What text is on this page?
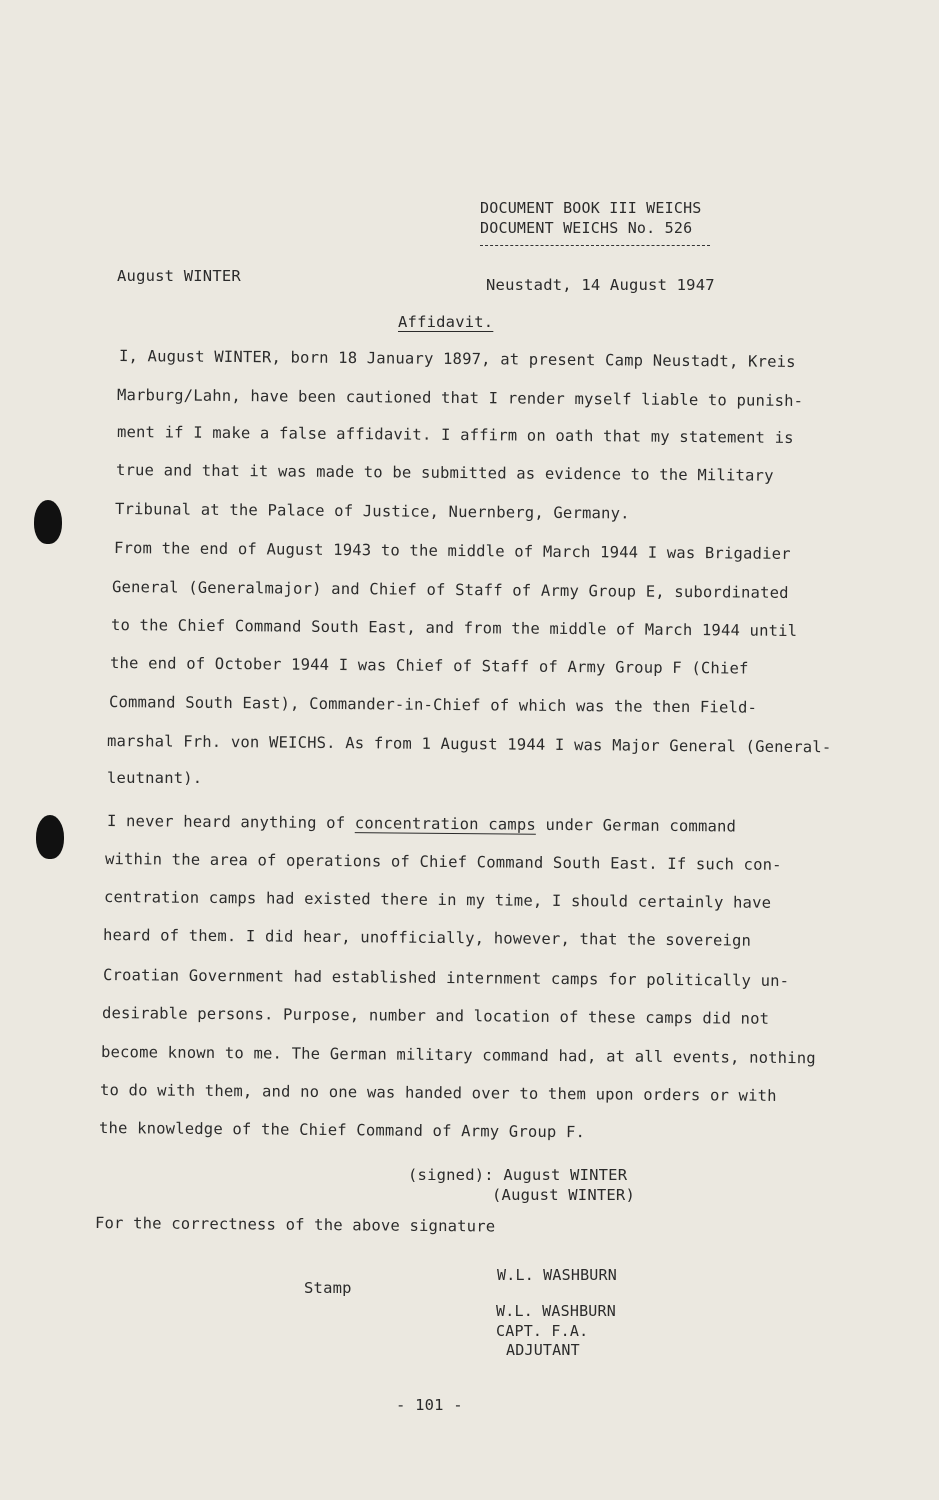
DOCUMENT BOOK III WEICHS
DOCUMENT WEICHS No. 526
August WINTER	Neustadt, 14 August 1947
Affidavit.
I, August WINTER, born 18 January 1897, at present Camp Neustadt, Kreis
Marburg/Lahn, have been cautioned that I render myself liable to punish-
ment if I make a false affidavit. I affirm on oath that my statement is
true and that it was made to be submitted as evidence to the Military
Tribunal at the Palace of Justice, Nuernberg, Germany.
From the end of August 1943 to the middle of March 1944 I was Brigadier
General (Generalmajor) and Chief of Staff of Army Group E, subordinated
to the Chief Command South East, and from the middle of March 1944 until
the end of October 1944 I was Chief of Staff of Army Group F (Chief
Command South East), Commander-in-Chief of which was the then Field-
marshal Frh. von WEICHS. As from 1 August 1944 I was Major General (General-
leutnant).
I never heard anything of concentration camps under German command
within the area of operations of Chief Command South East. If such con-
centration camps had existed there in my time, I should certainly have
heard of them. I did hear, unofficially, however, that the sovereign
Croatian Government had established internment camps for politically un-
desirable persons. Purpose, number and location of these camps did not
become known to me. The German military command had, at all events, nothing
to do with them, and no one was handed over to them upon orders or with
the knowledge of the Chief Command of Army Group F.
(signed): August WINTER
(August WINTER)
For the correctness of the above signature
Stamp
W.L. WASHBURN
W.L. WASHBURN
CAPT. F.A.
ADJUTANT
- 101 -
